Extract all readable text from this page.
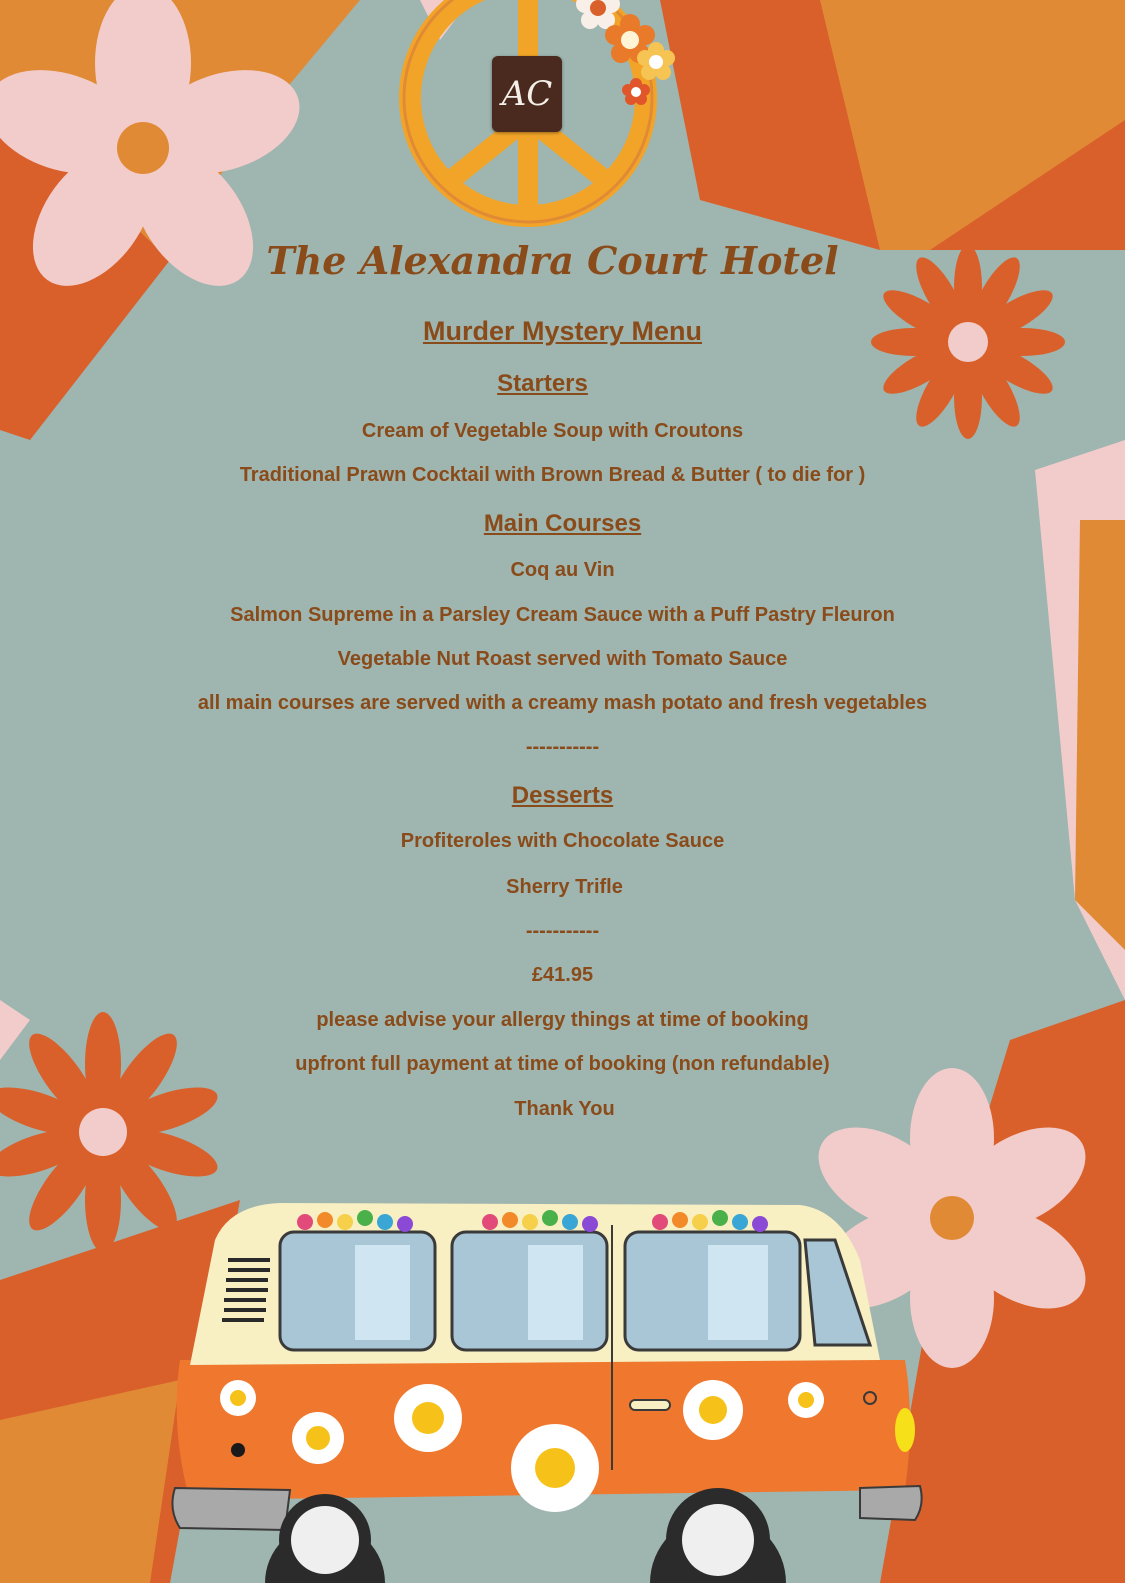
AC
The Alexandra Court Hotel
Murder Mystery Menu
Starters
Cream of Vegetable Soup with Croutons
Traditional Prawn Cocktail with Brown Bread & Butter ( to die for )
Main Courses
Coq au Vin
Salmon Supreme in a Parsley Cream Sauce with a Puff Pastry Fleuron
Vegetable Nut Roast served with Tomato Sauce
all main courses are served with a creamy mash potato and fresh vegetables
-----------
Desserts
Profiteroles with Chocolate Sauce
Sherry Trifle
-----------
£41.95
please advise your allergy things at time of booking
upfront full payment at time of booking (non refundable)
Thank You
